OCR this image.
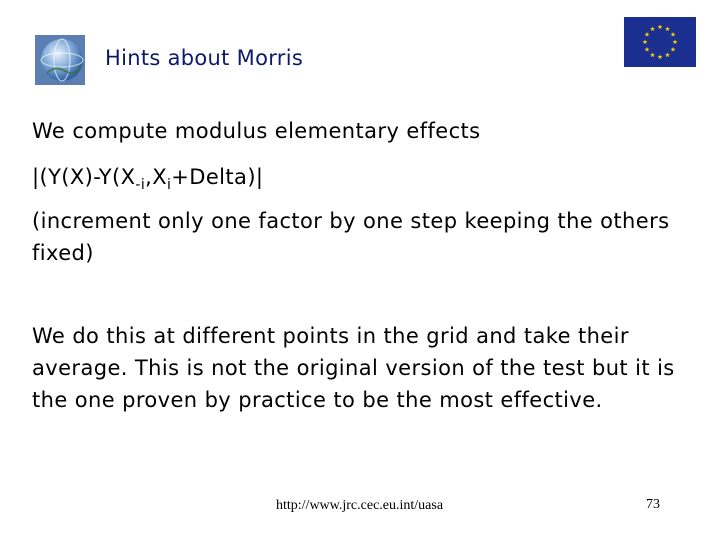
Hints about Morris
We compute modulus elementary effects
$|(Y(X)-Y(X_{-i},X_i+Delta)|$
(increment only one factor by one step keeping the others fixed)
We do this at different points in the grid and take their average. This is not the original version of the test but it is the one proven by practice to be the most effective.
http://www.jrc.cec.eu.int/uasa	73
